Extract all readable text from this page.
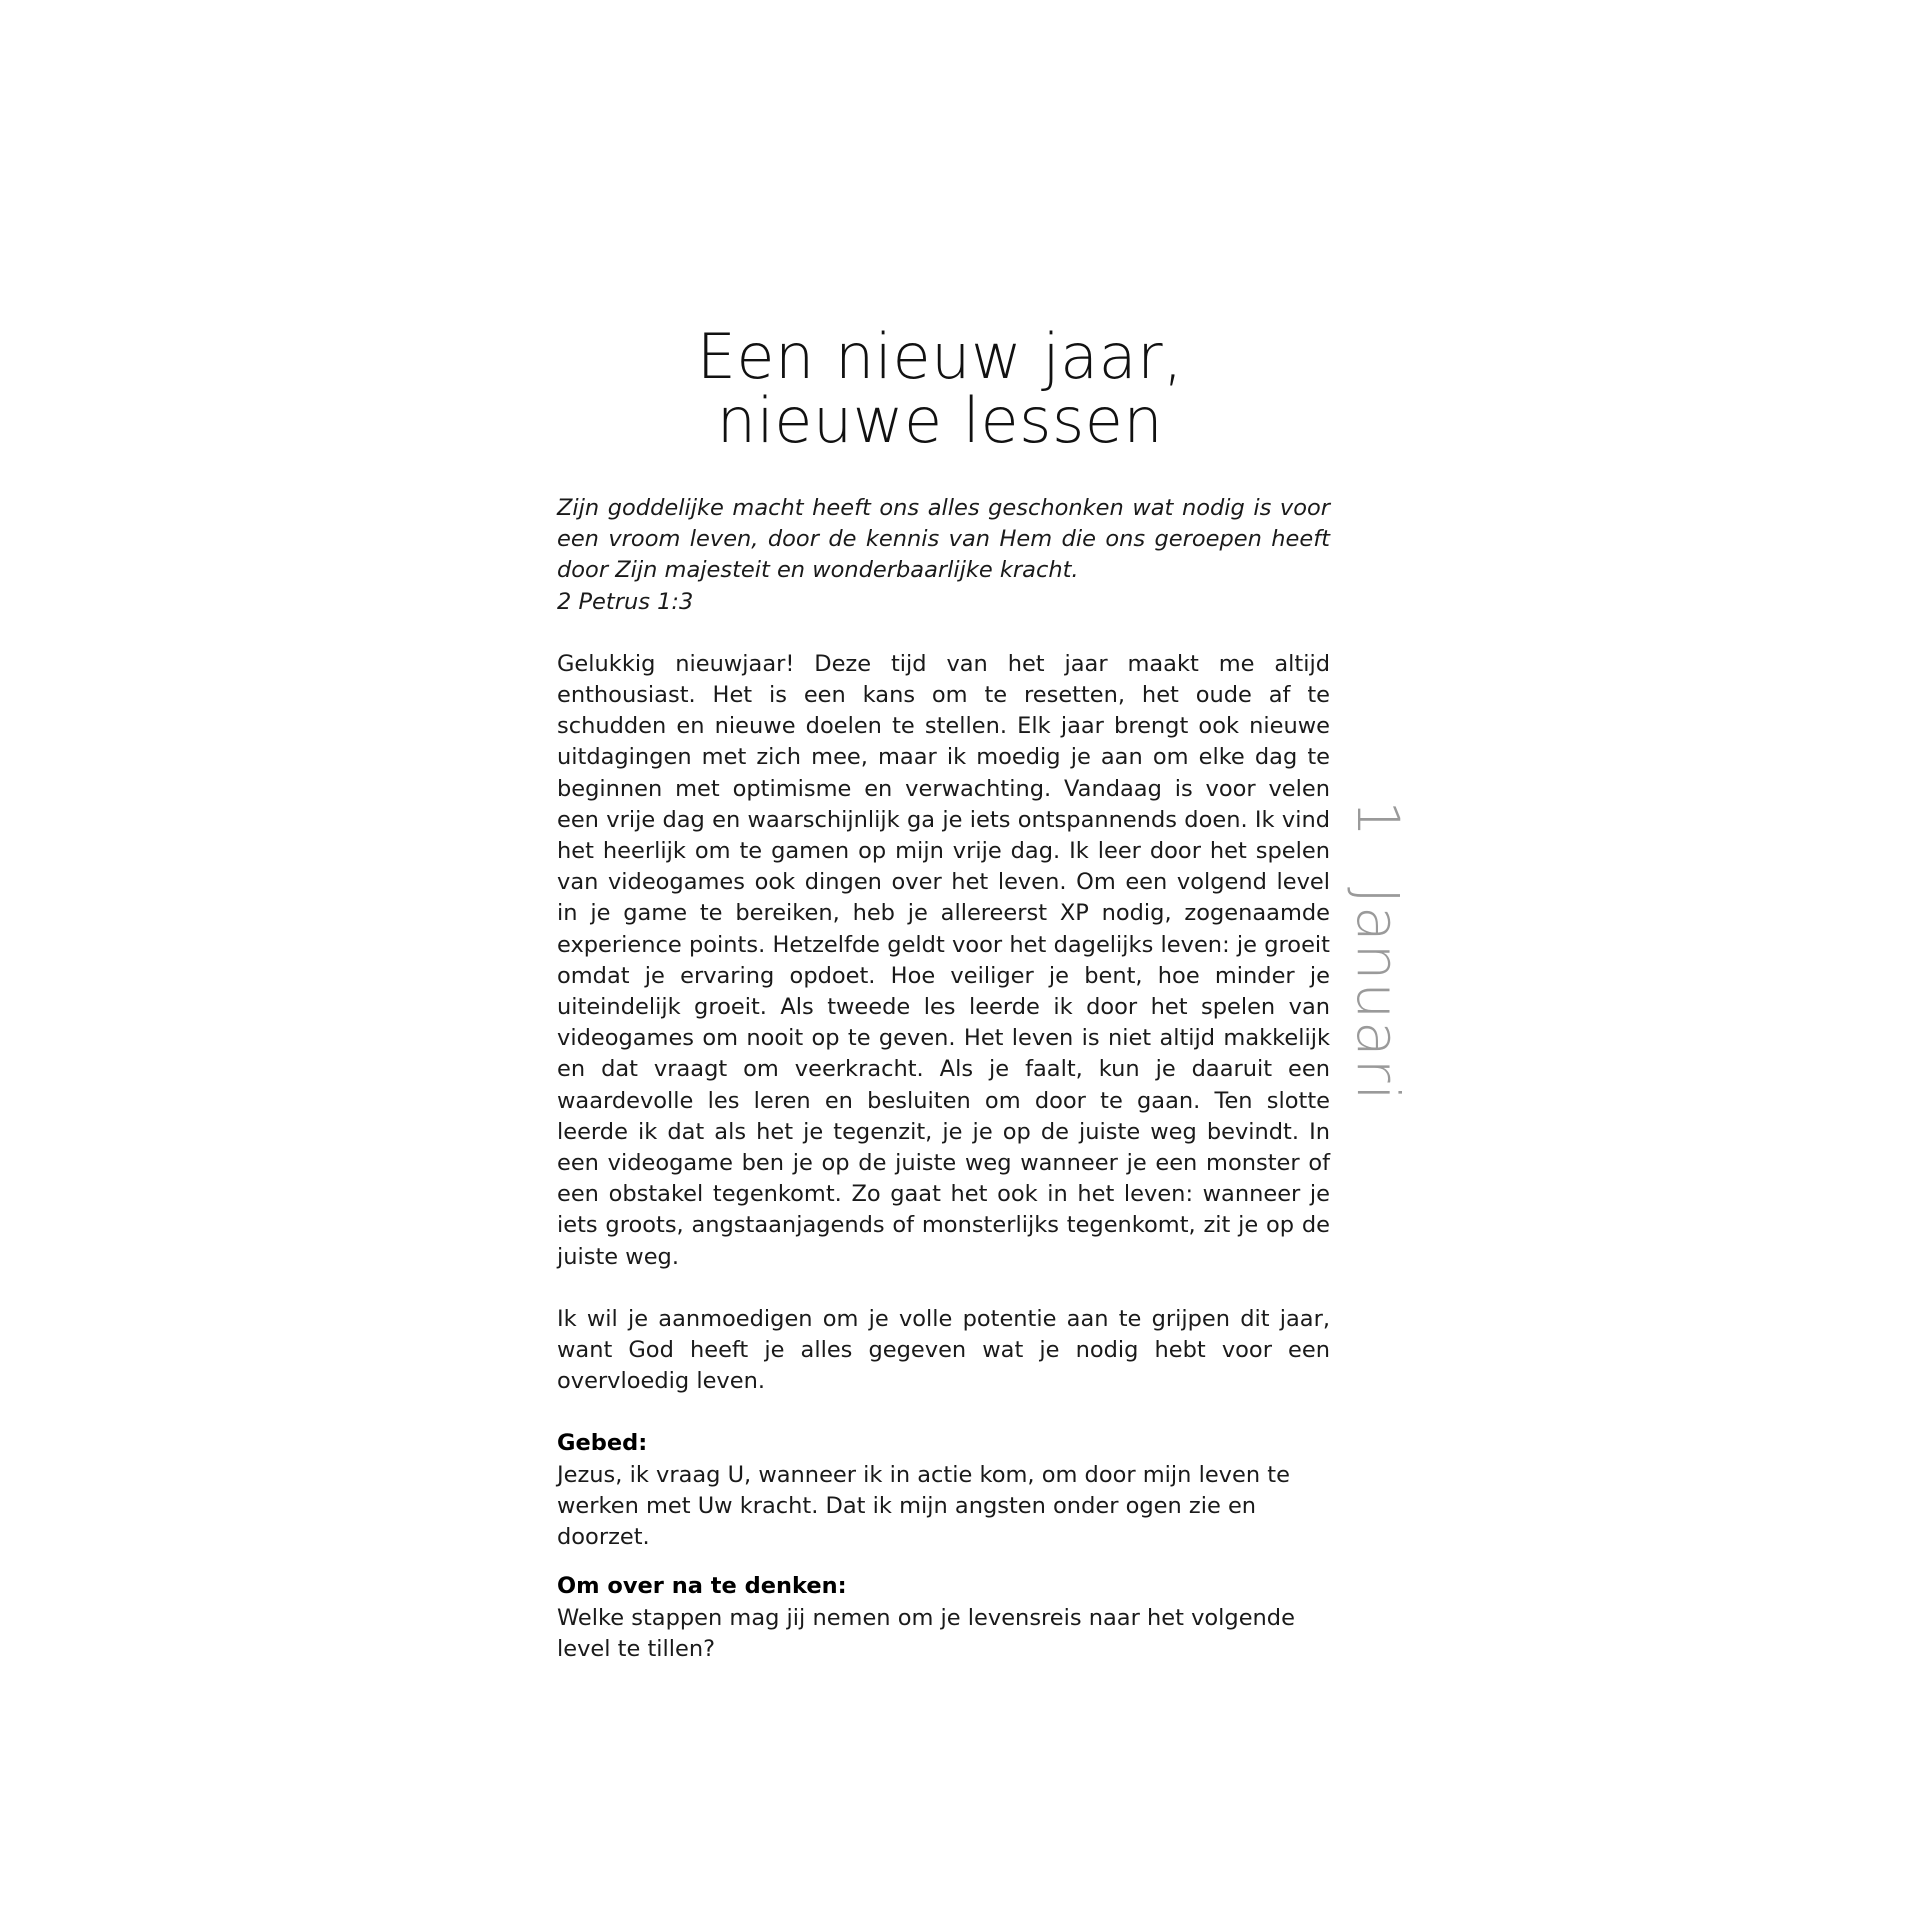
Een nieuw jaar,
nieuwe lessen

Zijn goddelijke macht heeft ons alles geschonken wat nodig is voor een vroom leven, door de kennis van Hem die ons geroepen heeft door Zijn majesteit en wonderbaarlijke kracht.
2 Petrus 1:3

Gelukkig nieuwjaar! Deze tijd van het jaar maakt me altijd enthousiast. Het is een kans om te resetten, het oude af te schudden en nieuwe doelen te stellen. Elk jaar brengt ook nieuwe uitdagingen met zich mee, maar ik moedig je aan om elke dag te beginnen met optimisme en verwachting. Vandaag is voor velen een vrije dag en waarschijnlijk ga je iets ontspannends doen. Ik vind het heerlijk om te gamen op mijn vrije dag. Ik leer door het spelen van videogames ook dingen over het leven. Om een volgend level in je game te bereiken, heb je allereerst XP nodig, zogenaamde experience points. Hetzelfde geldt voor het dagelijks leven: je groeit omdat je ervaring opdoet. Hoe veiliger je bent, hoe minder je uiteindelijk groeit. Als tweede les leerde ik door het spelen van videogames om nooit op te geven. Het leven is niet altijd makkelijk en dat vraagt om veerkracht. Als je faalt, kun je daaruit een waardevolle les leren en besluiten om door te gaan. Ten slotte leerde ik dat als het je tegenzit, je je op de juiste weg bevindt. In een videogame ben je op de juiste weg wanneer je een monster of een obstakel tegenkomt. Zo gaat het ook in het leven: wanneer je iets groots, angstaanjagends of monsterlijks tegenkomt, zit je op de juiste weg.

Ik wil je aanmoedigen om je volle potentie aan te grijpen dit jaar, want God heeft je alles gegeven wat je nodig hebt voor een overvloedig leven.

Gebed:

Jezus, ik vraag U, wanneer ik in actie kom, om door mijn leven te werken met Uw kracht. Dat ik mijn angsten onder ogen zie en doorzet.

Om over na te denken:

Welke stappen mag jij nemen om je levensreis naar het volgende level te tillen?

1 Januari
